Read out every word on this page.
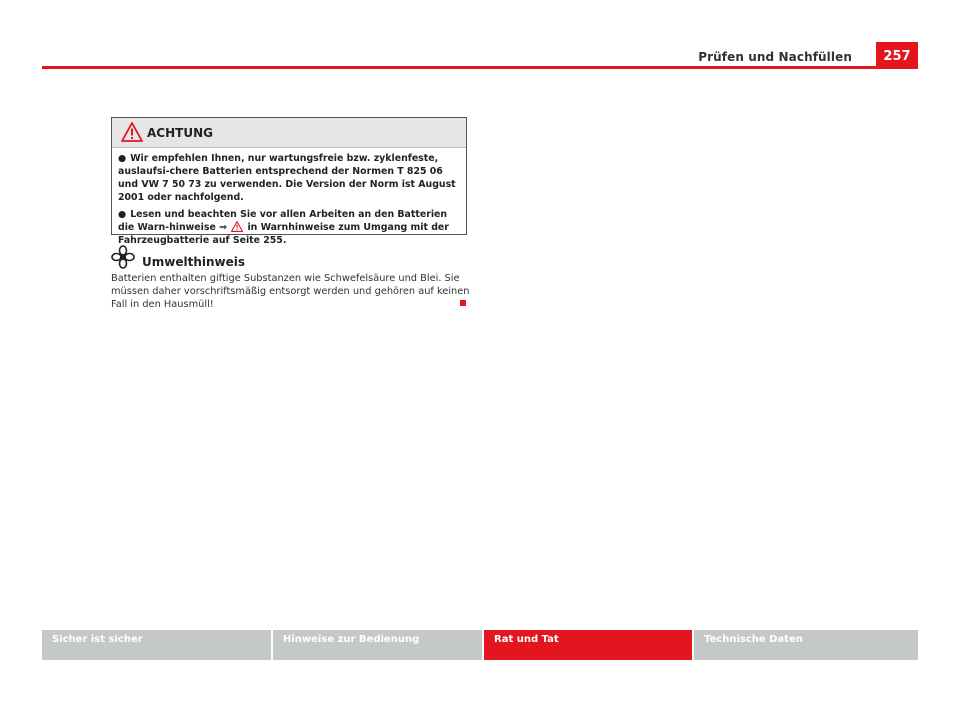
Prüfen und Nachfüllen	257
ACHTUNG

● Wir empfehlen Ihnen, nur wartungsfreie bzw. zyklenfeste, auslaufsi-chere Batterien entsprechend der Normen T 825 06 und VW 7 50 73 zu verwenden. Die Version der Norm ist August 2001 oder nachfolgend.

● Lesen und beachten Sie vor allen Arbeiten an den Batterien die Warn-hinweise ⇒ in Warnhinweise zum Umgang mit der Fahrzeugbatterie auf Seite 255.

Umwelthinweis
Batterien enthalten giftige Substanzen wie Schwefelsäure und Blei. Sie müssen daher vorschriftsmäßig entsorgt werden und gehören auf keinen Fall in den Hausmüll!
Sicher ist sicher	Hinweise zur Bedienung	Rat und Tat	Technische Daten
